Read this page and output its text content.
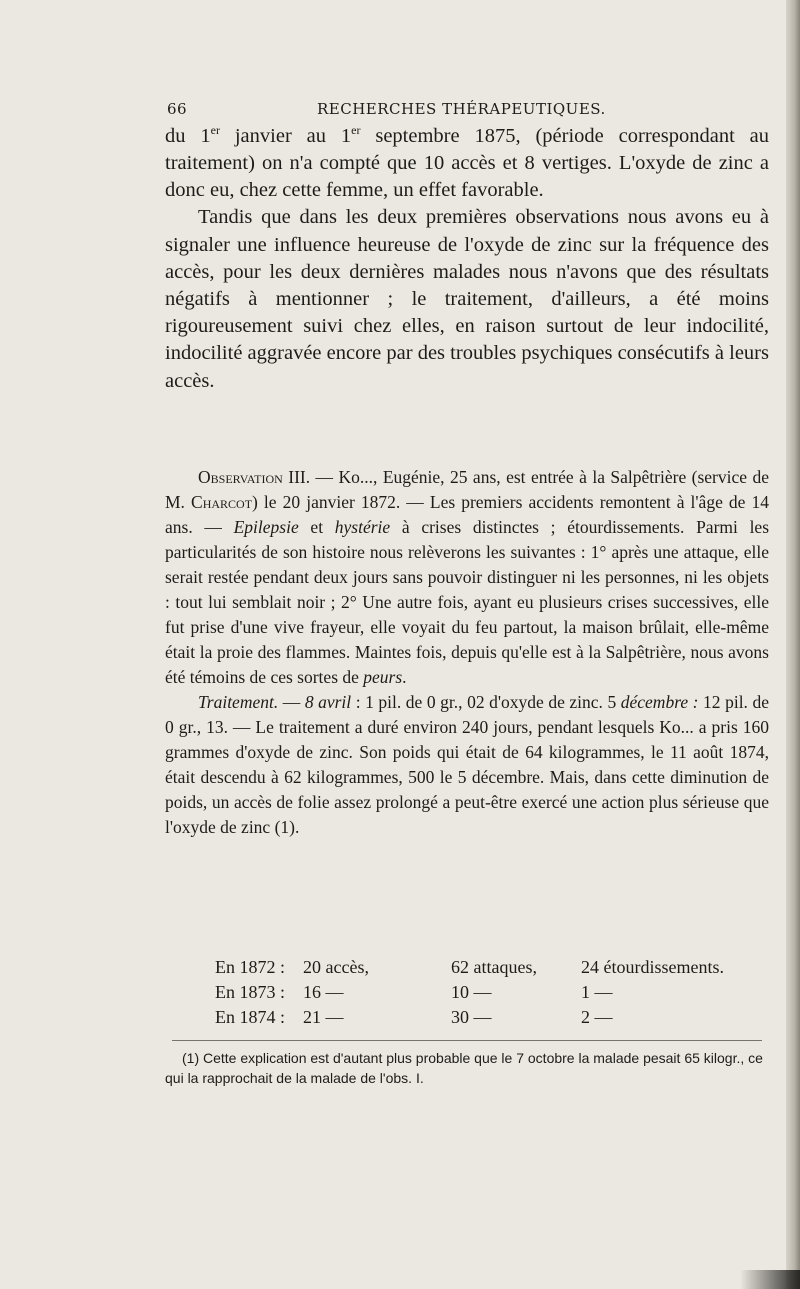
66	RECHERCHES THÉRAPEUTIQUES.

du 1er janvier au 1er septembre 1875, (période correspondant au traitement) on n'a compté que 10 accès et 8 vertiges. L'oxyde de zinc a donc eu, chez cette femme, un effet favorable.

Tandis que dans les deux premières observations nous avons eu à signaler une influence heureuse de l'oxyde de zinc sur la fréquence des accès, pour les deux dernières malades nous n'avons que des résultats négatifs à mentionner ; le traitement, d'ailleurs, a été moins rigoureusement suivi chez elles, en raison surtout de leur indocilité, indocilité aggravée encore par des troubles psychiques consécutifs à leurs accès.

Observation III. — Ko..., Eugénie, 25 ans, est entrée à la Salpêtrière (service de M. Charcot) le 20 janvier 1872. — Les premiers accidents remontent à l'âge de 14 ans. — Epilepsie et hystérie à crises distinctes ; étourdissements. Parmi les particularités de son histoire nous relèverons les suivantes : 1° après une attaque, elle serait restée pendant deux jours sans pouvoir distinguer ni les personnes, ni les objets : tout lui semblait noir ; 2° Une autre fois, ayant eu plusieurs crises successives, elle fut prise d'une vive frayeur, elle voyait du feu partout, la maison brûlait, elle-même était la proie des flammes. Maintes fois, depuis qu'elle est à la Salpêtrière, nous avons été témoins de ces sortes de peurs.

Traitement. — 8 avril : 1 pil. de 0 gr., 02 d'oxyde de zinc. 5 décembre : 12 pil. de 0 gr., 13. — Le traitement a duré environ 240 jours, pendant lesquels Ko... a pris 160 grammes d'oxyde de zinc. Son poids qui était de 64 kilogrammes, le 11 août 1874, était descendu à 62 kilogrammes, 500 le 5 décembre. Mais, dans cette diminution de poids, un accès de folie assez prolongé a peut-être exercé une action plus sérieuse que l'oxyde de zinc (1).

En 1872 : 20 accès,	62 attaques, 24 étourdissements.
En 1873 : 16 —	10 —	1 —
En 1874 : 21 —	30 —	2 —
(1) Cette explication est d'autant plus probable que le 7 octobre la malade pesait 65 kilogr., ce qui la rapprochait de la malade de l'obs. I.
